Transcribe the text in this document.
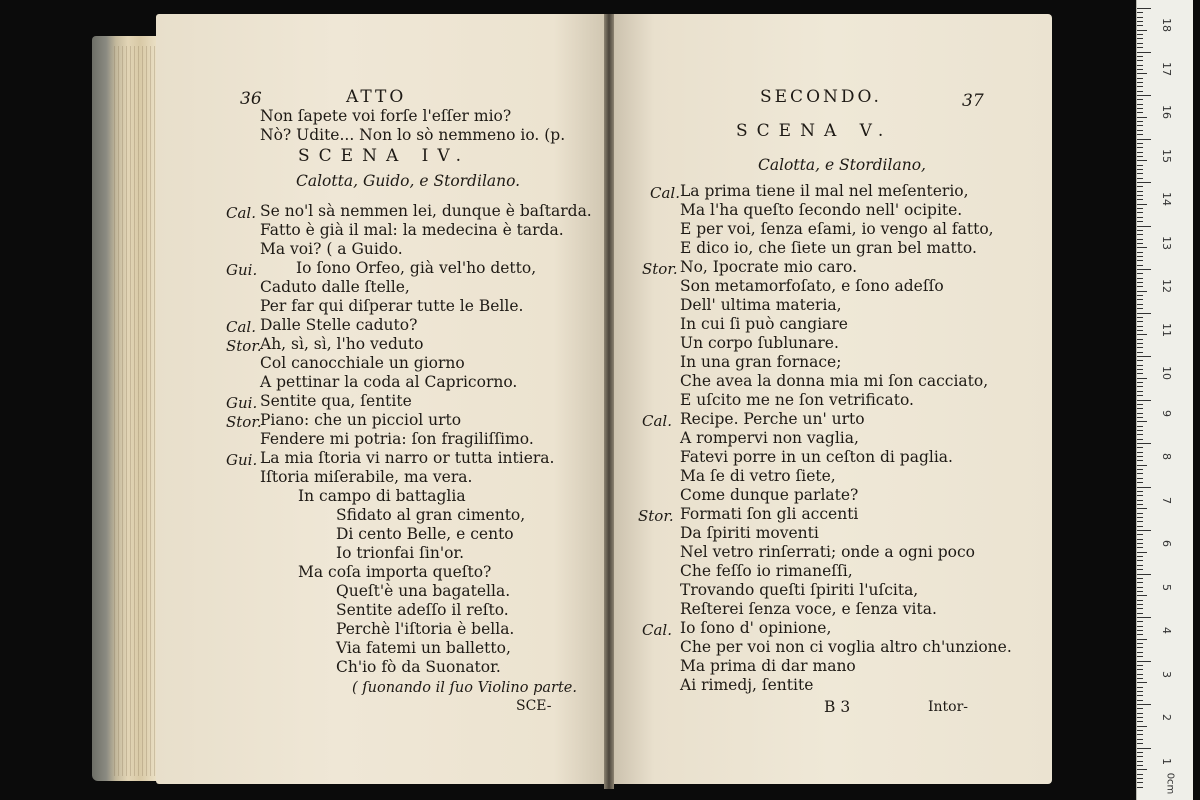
36	ATTO
Non ſapete voi forſe l'eſſer mio?
Nò? Udite... Non lo sò nemmeno io. (p.
SCENA IV.
Calotta, Guido, e Stordilano.
Cal. Se no'l sà nemmen lei, dunque è baſtarda.
Fatto è già il mal: la medecina è tarda.
Ma voi? ( a Guido.
Gui.	Io ſono Orfeo, già vel'ho detto,
Caduto dalle ſtelle,
Per far qui diſperar tutte le Belle.
Cal. Dalle Stelle caduto?
Stor.
Ah, sì, sì, l'ho veduto
Col canocchiale un giorno
A pettinar la coda al Capricorno.
Gui. Sentite qua, ſentite
Stor.
Piano: che un picciol urto
Fendere mi potria: ſon fragiliſſimo.
Gui. La mia ſtoria vi narro or tutta intiera.
Iſtoria miſerabile, ma vera.
In campo di battaglia
Sfidato al gran cimento,
Di cento Belle, e cento
Io trionfai ſin'or.
Ma coſa importa queſto?
Queſt'è una bagatella.
Sentite adeſſo il reſto.
Perchè l'iſtoria è bella.
Via fatemi un balletto,
Ch'io fò da Suonator.
( ſuonando il ſuo Violino parte.
SCE-
SECONDO.	37
SCENA V.
Calotta, e Stordilano,
Cal. La prima tiene il mal nel meſenterio,
Ma l'ha queſto ſecondo nell' ocipite.
E per voi, ſenza eſami, io vengo al fatto,
E dico io, che ſiete un gran bel matto.
Stor. No, Ipocrate mio caro.
Son metamorfoſato, e ſono adeſſo
Dell' ultima materia,
In cui ſi può cangiare
Un corpo ſublunare.
In una gran fornace;
Che avea la donna mia mi ſon cacciato,
E uſcito me ne ſon vetrificato.
Cal. Recipe. Perche un' urto
A rompervi non vaglia,
Fatevi porre in un ceſton di paglia.
Ma ſe di vetro ſiete,
Come dunque parlate?
Stor. Formati ſon gli accenti
Da ſpiriti moventi
Nel vetro rinſerrati; onde a ogni poco
Che feſſo io rimaneſſi,
Trovando queſti ſpiriti l'uſcita,
Reſterei ſenza voce, e ſenza vita.
Cal. Io ſono d' opinione,
Che per voi non ci voglia altro ch'unzione.
Ma prima di dar mano
Ai rimedj, ſentite
B 3	Intor-
0cm
18
17
16
15
14
13
12
11
10
9
8
7
6
5
4
3
2
1
